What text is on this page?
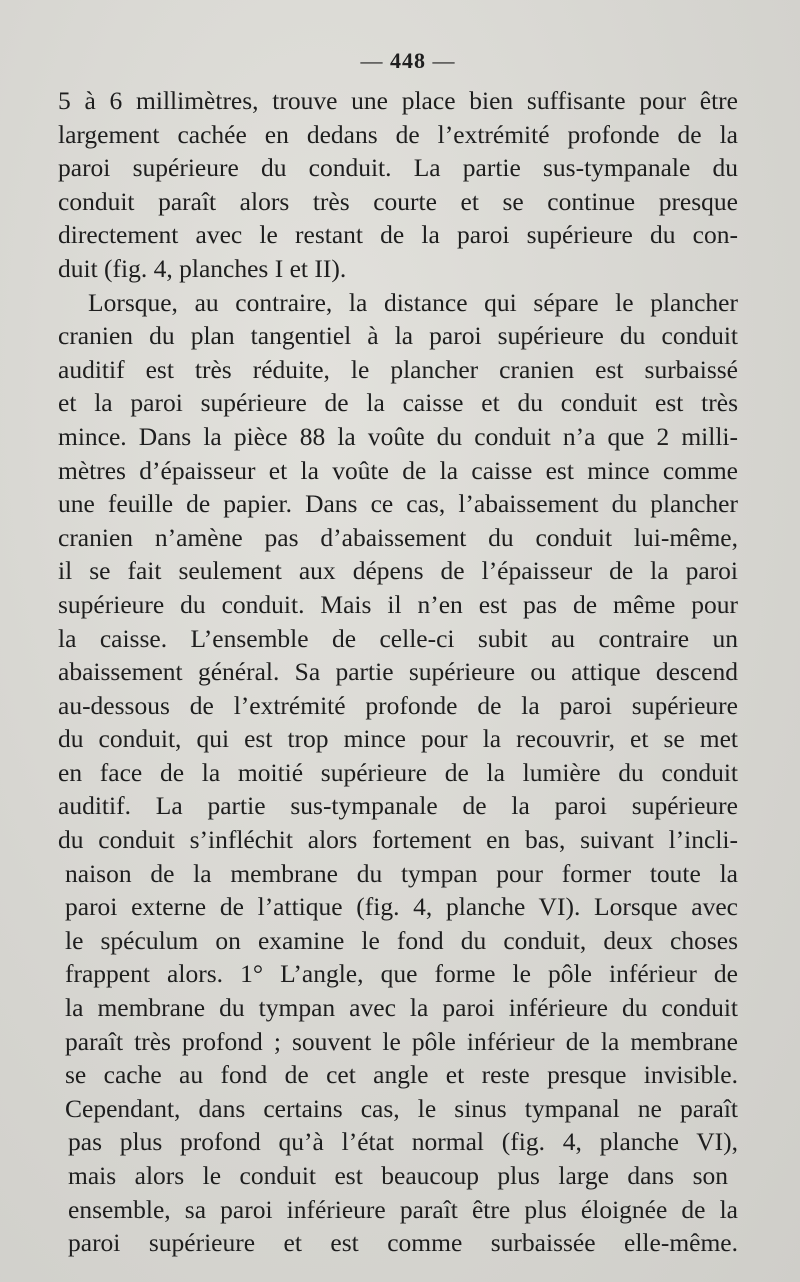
— 448 —
5 à 6 millimètres, trouve une place bien suffisante pour être
largement cachée en dedans de l’extrémité profonde de la
paroi supérieure du conduit. La partie sus-tympanale du
conduit paraît alors très courte et se continue presque
directement avec le restant de la paroi supérieure du con-
duit (fig. 4, planches I et II).
Lorsque, au contraire, la distance qui sépare le plancher
cranien du plan tangentiel à la paroi supérieure du conduit
auditif est très réduite, le plancher cranien est surbaissé
et la paroi supérieure de la caisse et du conduit est très
mince. Dans la pièce 88 la voûte du conduit n’a que 2 milli-
mètres d’épaisseur et la voûte de la caisse est mince comme
une feuille de papier. Dans ce cas, l’abaissement du plancher
cranien n’amène pas d’abaissement du conduit lui-même,
il se fait seulement aux dépens de l’épaisseur de la paroi
supérieure du conduit. Mais il n’en est pas de même pour
la caisse. L’ensemble de celle-ci subit au contraire un
abaissement général. Sa partie supérieure ou attique descend
au-dessous de l’extrémité profonde de la paroi supérieure
du conduit, qui est trop mince pour la recouvrir, et se met
en face de la moitié supérieure de la lumière du conduit
auditif. La partie sus-tympanale de la paroi supérieure
du conduit s’infléchit alors fortement en bas, suivant l’incli-
naison de la membrane du tympan pour former toute la
paroi externe de l’attique (fig. 4, planche VI). Lorsque avec
le spéculum on examine le fond du conduit, deux choses
frappent alors. 1° L’angle, que forme le pôle inférieur de
la membrane du tympan avec la paroi inférieure du conduit
paraît très profond ; souvent le pôle inférieur de la membrane
se cache au fond de cet angle et reste presque invisible.
Cependant, dans certains cas, le sinus tympanal ne paraît
pas plus profond qu’à l’état normal (fig. 4, planche VI),
mais alors le conduit est beaucoup plus large dans son
ensemble, sa paroi inférieure paraît être plus éloignée de la
paroi supérieure et est comme surbaissée elle-même.
